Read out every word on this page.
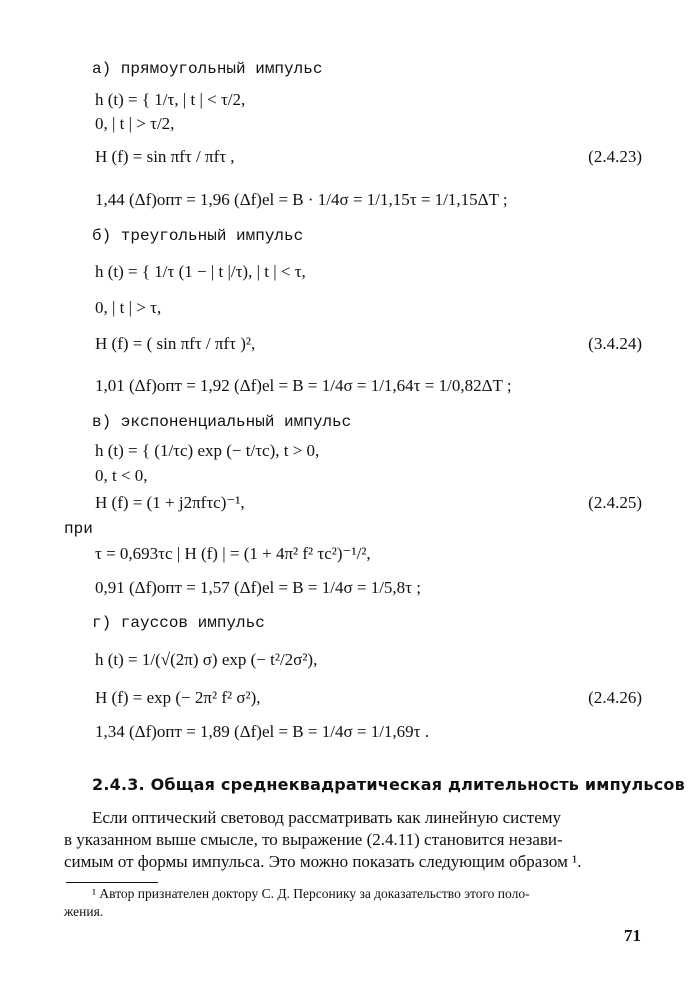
а) прямоугольный импульс
h (t) = { 1/τ, | t | < τ/2,
0, | t | > τ/2,
H (f) = sin πfτ / πfτ ,	(2.4.23)
1,44 (Δf)опт = 1,96 (Δf)el = B · 1/4σ = 1/1,15τ = 1/1,15ΔT ;
б) треугольный импульс
h (t) = { 1/τ (1 − | t |/τ), | t | < τ,
0, | t | > τ,
H (f) = ( sin πfτ / πfτ )²,	(3.4.24)
1,01 (Δf)опт = 1,92 (Δf)el = B = 1/4σ = 1/1,64τ = 1/0,82ΔT ;
в) экспоненциальный импульс
h (t) = { (1/τc) exp (− t/τc), t > 0,
0, t < 0,
H (f) = (1 + j2πfτc)⁻¹,	(2.4.25)
при
τ = 0,693τc | H (f) | = (1 + 4π² f² τc²)⁻¹/²,
0,91 (Δf)опт = 1,57 (Δf)el = B = 1/4σ = 1/5,8τ ;
г) гауссов импульс
h (t) = 1/(√(2π) σ) exp (− t²/2σ²),
H (f) = exp (− 2π² f² σ²),	(2.4.26)
1,34 (Δf)опт = 1,89 (Δf)el = B = 1/4σ = 1/1,69τ .
2.4.3. Общая среднеквадратическая длительность импульсов
Если оптический световод рассматривать как линейную систему
в указанном выше смысле, то выражение (2.4.11) становится незави-
симым от формы импульса. Это можно показать следующим образом ¹.
¹ Автор признателен доктору С. Д. Персонику за доказательство этого поло-
жения.
71
